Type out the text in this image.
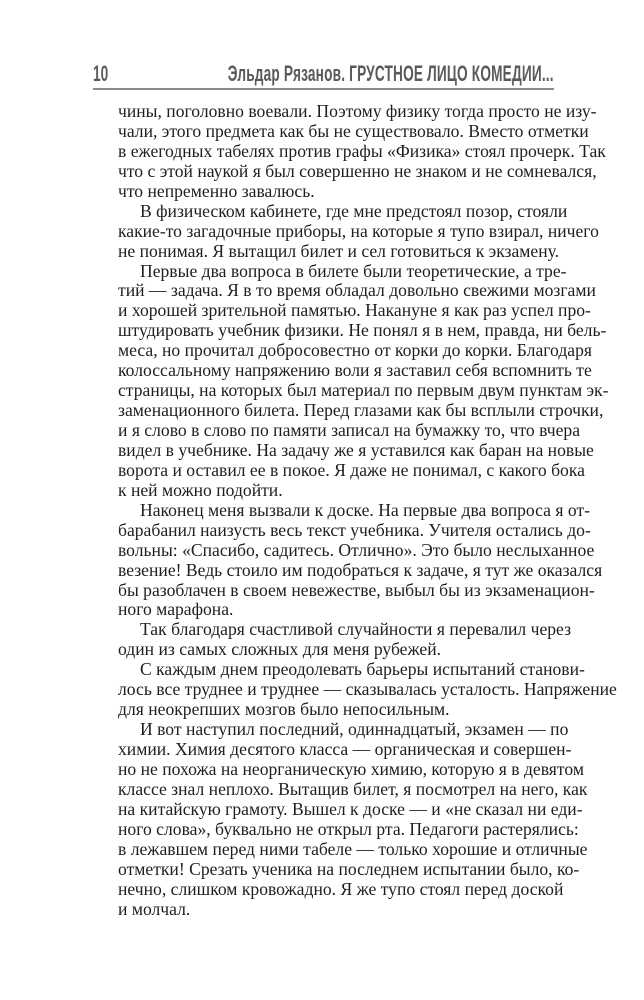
10	Эльдар Рязанов. ГРУСТНОЕ ЛИЦО КОМЕДИИ...
чины, поголовно воевали. Поэтому физику тогда просто не изу-
чали, этого предмета как бы не существовало. Вместо отметки
в ежегодных табелях против графы «Физика» стоял прочерк. Так
что с этой наукой я был совершенно не знаком и не сомневался,
что непременно завалюсь.
В физическом кабинете, где мне предстоял позор, стояли
какие-то загадочные приборы, на которые я тупо взирал, ничего
не понимая. Я вытащил билет и сел готовиться к экзамену.
Первые два вопроса в билете были теоретические, а тре-
тий — задача. Я в то время обладал довольно свежими мозгами
и хорошей зрительной памятью. Накануне я как раз успел про-
штудировать учебник физики. Не понял я в нем, правда, ни бель-
меса, но прочитал добросовестно от корки до корки. Благодаря
колоссальному напряжению воли я заставил себя вспомнить те
страницы, на которых был материал по первым двум пунктам эк-
заменационного билета. Перед глазами как бы всплыли строчки,
и я слово в слово по памяти записал на бумажку то, что вчера
видел в учебнике. На задачу же я уставился как баран на новые
ворота и оставил ее в покое. Я даже не понимал, с какого бока
к ней можно подойти.
Наконец меня вызвали к доске. На первые два вопроса я от-
барабанил наизусть весь текст учебника. Учителя остались до-
вольны: «Спасибо, садитесь. Отлично». Это было неслыханное
везение! Ведь стоило им подобраться к задаче, я тут же оказался
бы разоблачен в своем невежестве, выбыл бы из экзаменацион-
ного марафона.
Так благодаря счастливой случайности я перевалил через
один из самых сложных для меня рубежей.
С каждым днем преодолевать барьеры испытаний станови-
лось все труднее и труднее — сказывалась усталость. Напряжение
для неокрепших мозгов было непосильным.
И вот наступил последний, одиннадцатый, экзамен — по
химии. Химия десятого класса — органическая и совершен-
но не похожа на неорганическую химию, которую я в девятом
классе знал неплохо. Вытащив билет, я посмотрел на него, как
на китайскую грамоту. Вышел к доске — и «не сказал ни еди-
ного слова», буквально не открыл рта. Педагоги растерялись:
в лежавшем перед ними табеле — только хорошие и отличные
отметки! Срезать ученика на последнем испытании было, ко-
нечно, слишком кровожадно. Я же тупо стоял перед доской
и молчал.
